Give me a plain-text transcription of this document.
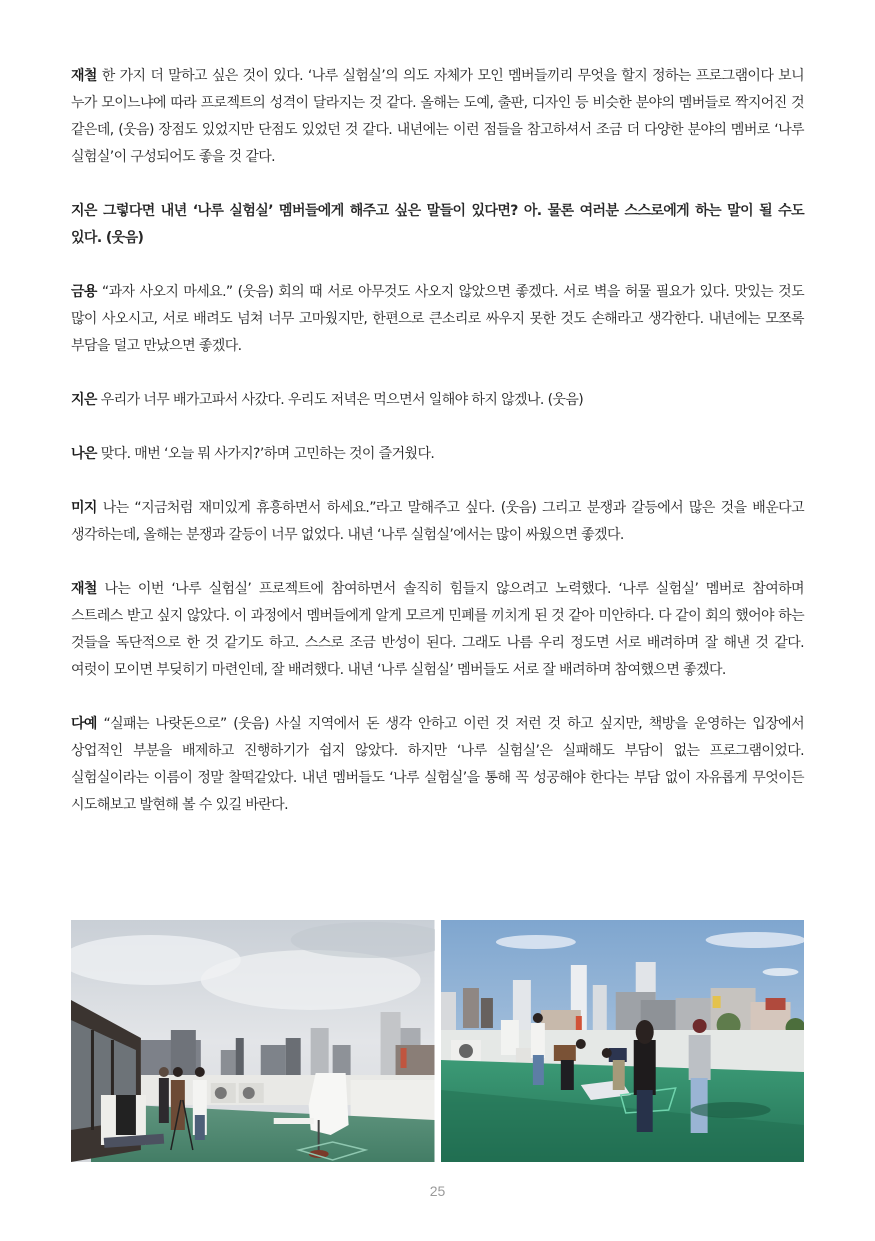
재철 한 가지 더 말하고 싶은 것이 있다. ‘나루 실험실’의 의도 자체가 모인 멤버들끼리 무엇을 할지 정하는 프로그램이다 보니 누가 모이느냐에 따라 프로젝트의 성격이 달라지는 것 같다. 올해는 도예, 출판, 디자인 등 비슷한 분야의 멤버들로 짝지어진 것 같은데, (웃음) 장점도 있었지만 단점도 있었던 것 같다. 내년에는 이런 점들을 참고하셔서 조금 더 다양한 분야의 멤버로 ‘나루 실험실’이 구성되어도 좋을 것 같다.

지은 그렇다면 내년 ‘나루 실험실’ 멤버들에게 해주고 싶은 말들이 있다면? 아. 물론 여러분 스스로에게 하는 말이 될 수도 있다. (웃음)

금용 “과자 사오지 마세요.” (웃음) 회의 때 서로 아무것도 사오지 않았으면 좋겠다. 서로 벽을 허물 필요가 있다. 맛있는 것도 많이 사오시고, 서로 배려도 넘쳐 너무 고마웠지만, 한편으로 큰소리로 싸우지 못한 것도 손해라고 생각한다. 내년에는 모쪼록 부담을 덜고 만났으면 좋겠다.

지은 우리가 너무 배가고파서 사갔다. 우리도 저녁은 먹으면서 일해야 하지 않겠나. (웃음)

나은 맞다. 매번 ‘오늘 뭐 사가지?’하며 고민하는 것이 즐거웠다.

미지 나는 “지금처럼 재미있게 휴흥하면서 하세요.”라고 말해주고 싶다. (웃음) 그리고 분쟁과 갈등에서 많은 것을 배운다고 생각하는데, 올해는 분쟁과 갈등이 너무 없었다. 내년 ‘나루 실험실’에서는 많이 싸웠으면 좋겠다.

재철 나는 이번 ‘나루 실험실’ 프로젝트에 참여하면서 솔직히 힘들지 않으려고 노력했다. ‘나루 실험실’ 멤버로 참여하며 스트레스 받고 싶지 않았다. 이 과정에서 멤버들에게 알게 모르게 민폐를 끼치게 된 것 같아 미안하다. 다 같이 회의 했어야 하는 것들을 독단적으로 한 것 같기도 하고. 스스로 조금 반성이 된다. 그래도 나름 우리 정도면 서로 배려하며 잘 해낸 것 같다. 여럿이 모이면 부딪히기 마련인데, 잘 배려했다. 내년 ‘나루 실험실’ 멤버들도 서로 잘 배려하며 참여했으면 좋겠다.

다예 “실패는 나랏돈으로” (웃음) 사실 지역에서 돈 생각 안하고 이런 것 저런 것 하고 싶지만, 책방을 운영하는 입장에서 상업적인 부분을 배제하고 진행하기가 쉽지 않았다. 하지만 ‘나루 실험실’은 실패해도 부담이 없는 프로그램이었다. 실험실이라는 이름이 정말 찰떡같았다. 내년 멤버들도 ‘나루 실험실’을 통해 꼭 성공해야 한다는 부담 없이 자유롭게 무엇이든 시도해보고 발현해 볼 수 있길 바란다.

25
